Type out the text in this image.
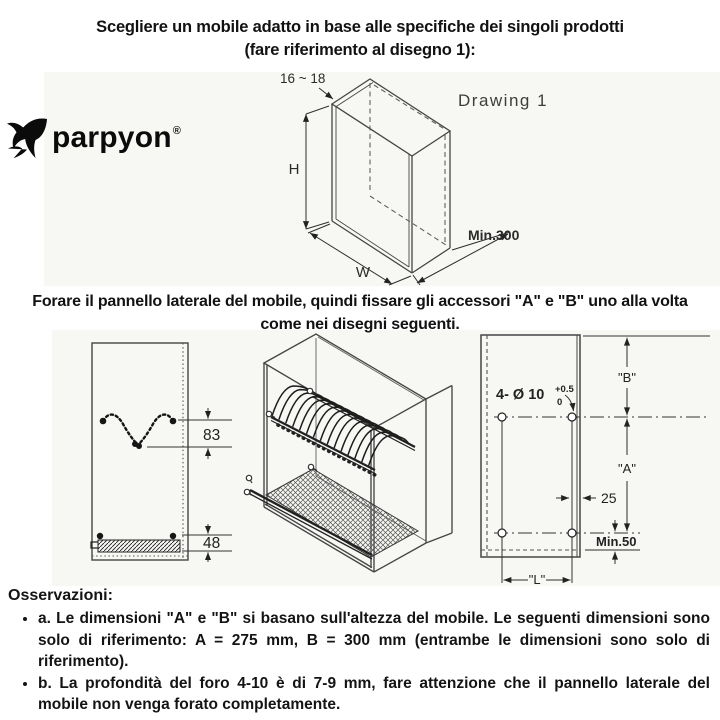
Scegliere un mobile adatto in base alle specifiche dei singoli prodotti
(fare riferimento al disegno 1):
parpyon®
16 ~ 18
H
W
Min.300
Drawing 1
Forare il pannello laterale del mobile, quindi fissare gli accessori "A" e "B" uno alla volta
come nei disegni seguenti.
83
48
4- Ø 10 +0.5
0
"B"
"A"
25
Min.50
"L"
Osservazioni:
• a. Le dimensioni "A" e "B" si basano sull'altezza del mobile. Le seguenti dimensioni sono solo di riferimento: A = 275 mm, B = 300 mm (entrambe le dimensioni sono solo di riferimento).
• b. La profondità del foro 4-10 è di 7-9 mm, fare attenzione che il pannello laterale del mobile non venga forato completamente.
